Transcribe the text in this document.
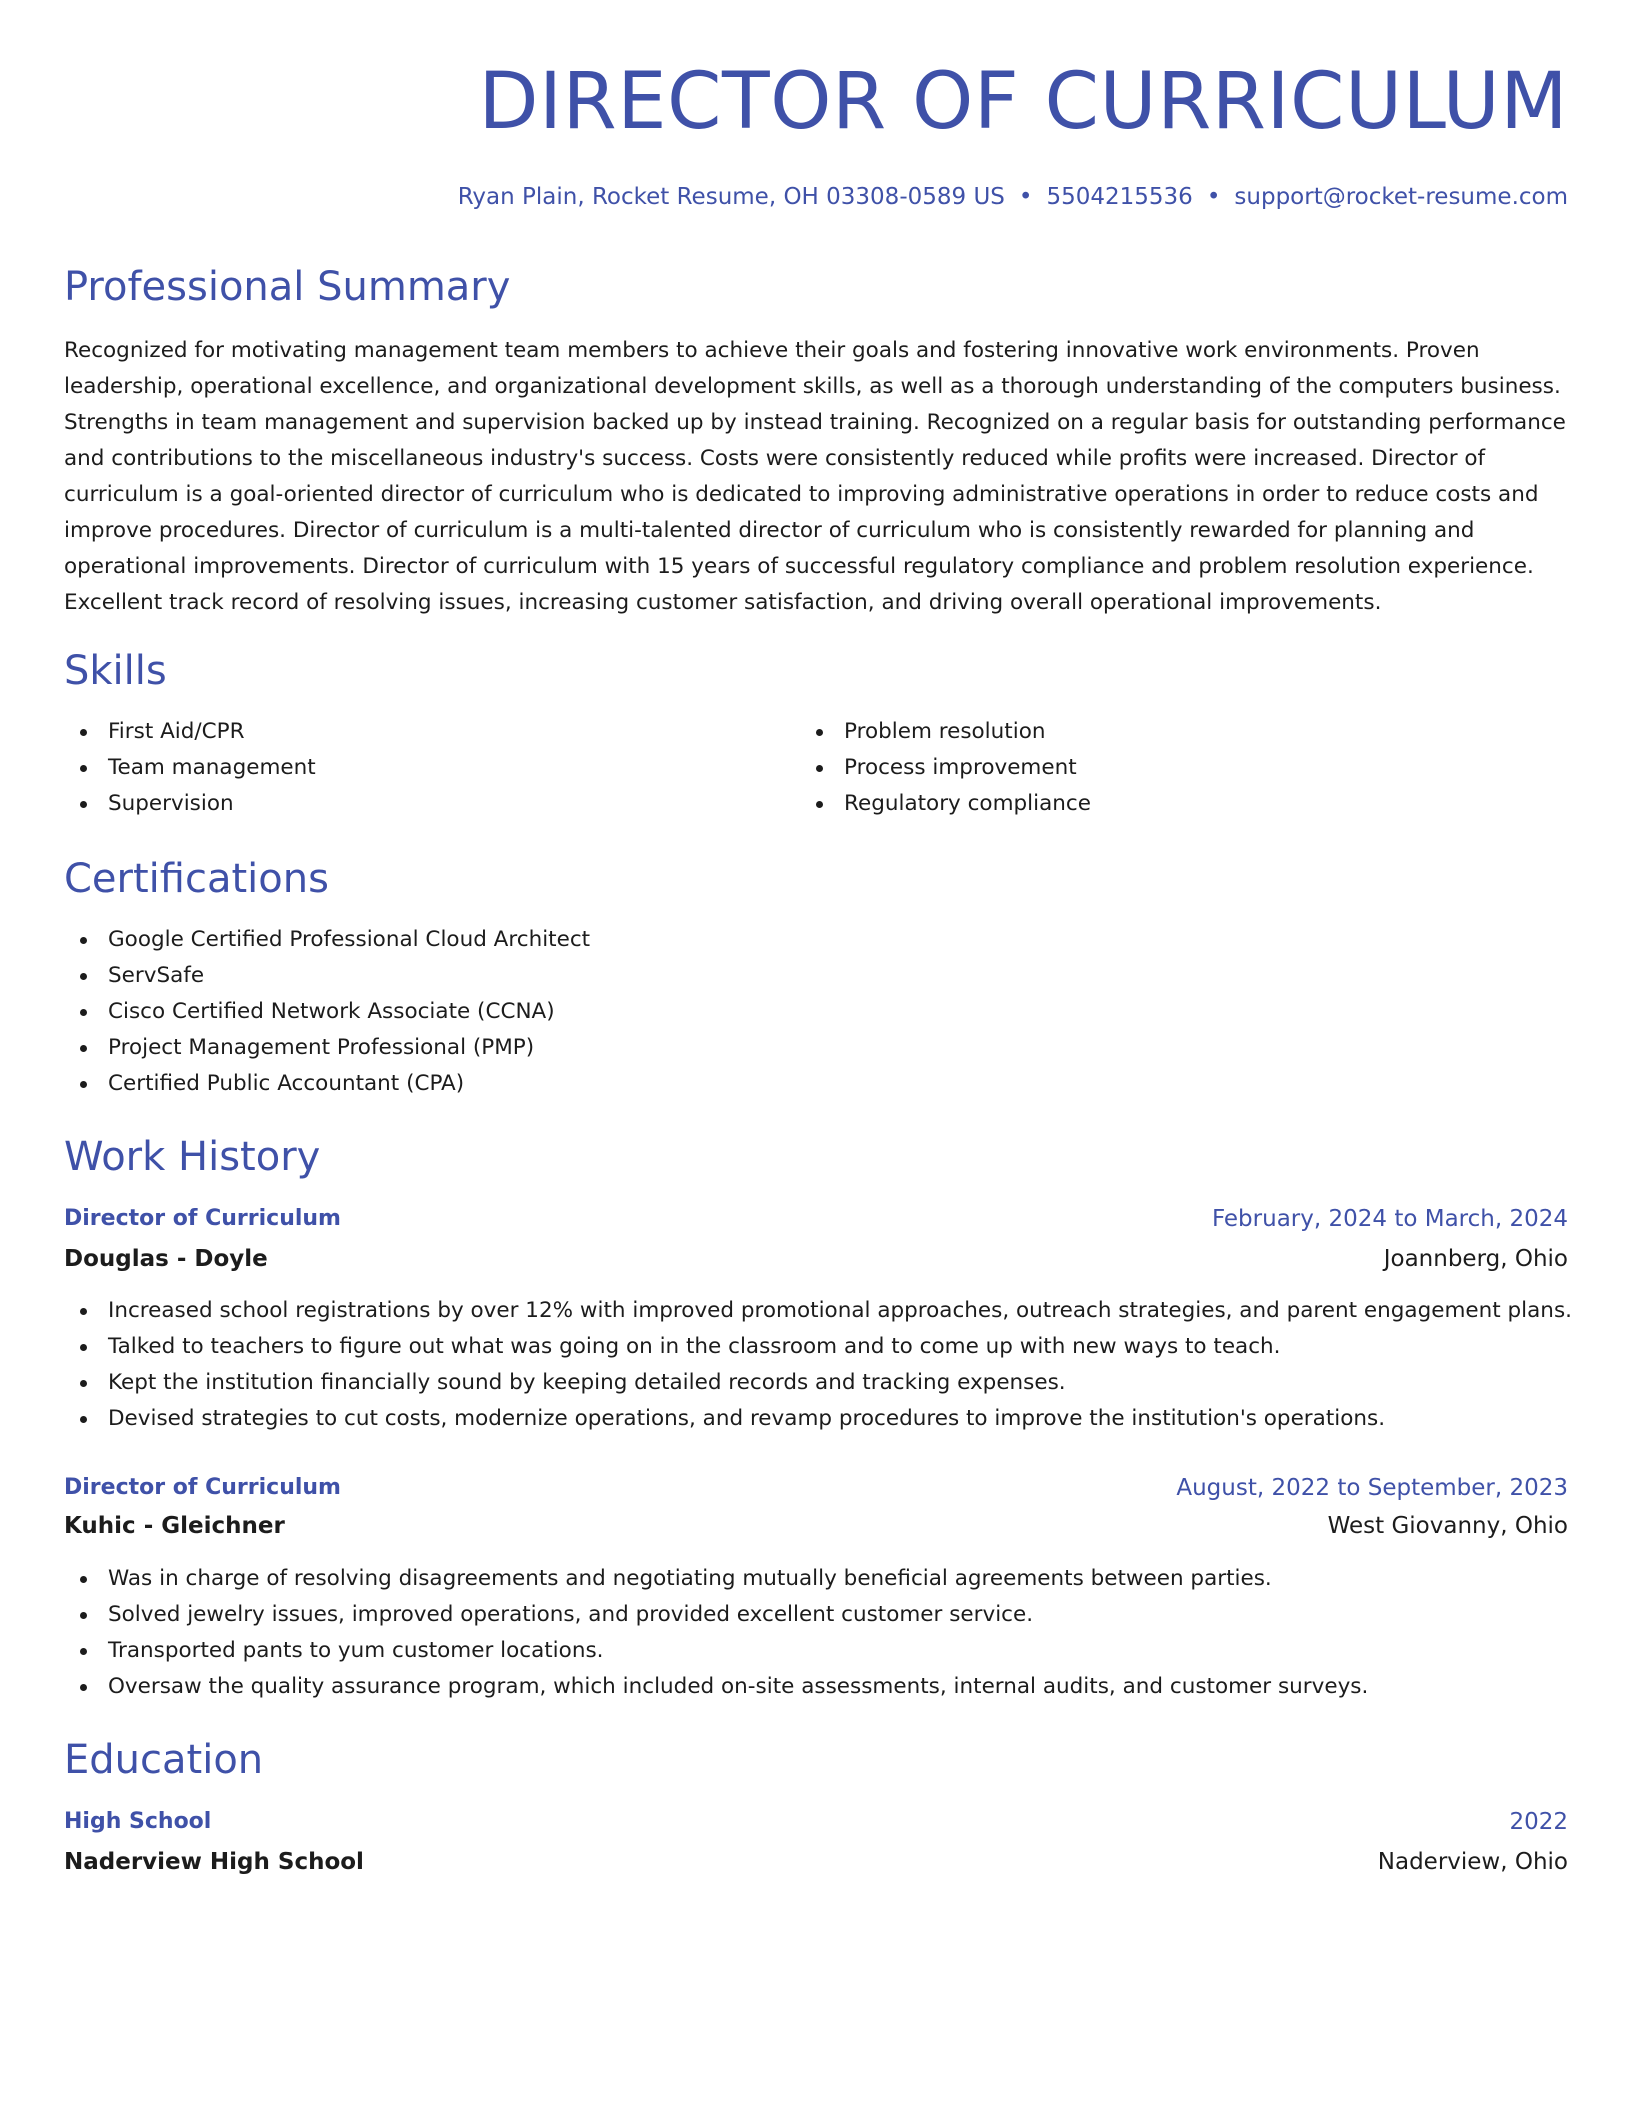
DIRECTOR OF CURRICULUM
Ryan Plain, Rocket Resume, OH 03308-0589 US • 5504215536 • support@rocket-resume.com
Professional Summary

Recognized for motivating management team members to achieve their goals and fostering innovative work environments. Proven leadership, operational excellence, and organizational development skills, as well as a thorough understanding of the computers business. Strengths in team management and supervision backed up by instead training. Recognized on a regular basis for outstanding performance and contributions to the miscellaneous industry's success. Costs were consistently reduced while profits were increased. Director of curriculum is a goal-oriented director of curriculum who is dedicated to improving administrative operations in order to reduce costs and improve procedures. Director of curriculum is a multi-talented director of curriculum who is consistently rewarded for planning and operational improvements. Director of curriculum with 15 years of successful regulatory compliance and problem resolution experience. Excellent track record of resolving issues, increasing customer satisfaction, and driving overall operational improvements.

Skills
First Aid/CPR
Team management
Supervision
Problem resolution
Process improvement
Regulatory compliance
Certifications
Google Certified Professional Cloud Architect
ServSafe
Cisco Certified Network Associate (CCNA)
Project Management Professional (PMP)
Certified Public Accountant (CPA)
Work History
Director of Curriculum	February, 2024 to March, 2024
Douglas - Doyle	Joannberg, Ohio
Increased school registrations by over 12% with improved promotional approaches, outreach strategies, and parent engagement plans.
Talked to teachers to figure out what was going on in the classroom and to come up with new ways to teach.
Kept the institution financially sound by keeping detailed records and tracking expenses.
Devised strategies to cut costs, modernize operations, and revamp procedures to improve the institution's operations.
Director of Curriculum	August, 2022 to September, 2023
Kuhic - Gleichner	West Giovanny, Ohio
Was in charge of resolving disagreements and negotiating mutually beneficial agreements between parties.
Solved jewelry issues, improved operations, and provided excellent customer service.
Transported pants to yum customer locations.
Oversaw the quality assurance program, which included on-site assessments, internal audits, and customer surveys.
Education
High School	2022
Naderview High School	Naderview, Ohio
